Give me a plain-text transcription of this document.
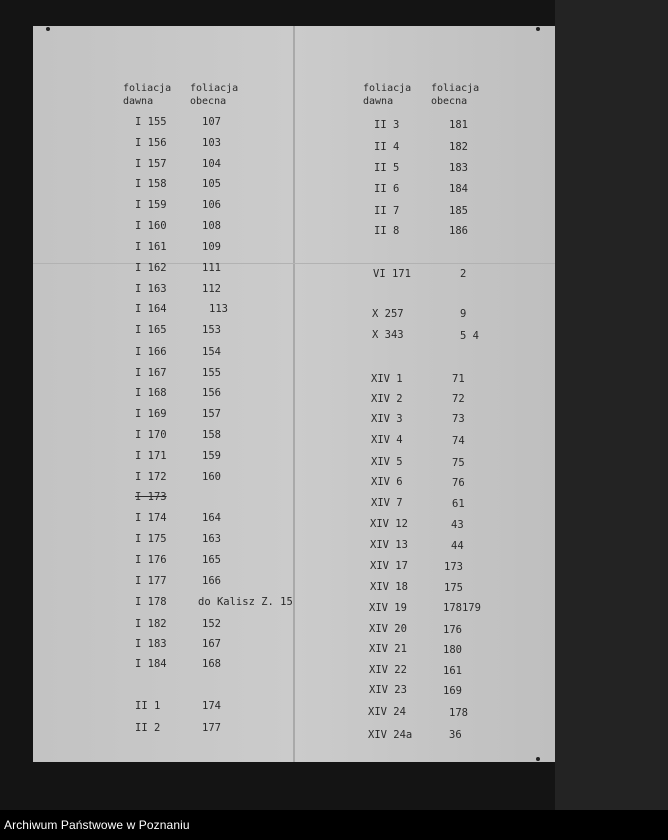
foliacja
dawna
foliacja
obecna
foliacja
dawna
foliacja
obecna
I 155	107
I 156	103
I 157	104
I 158	105
I 159	106
I 160	108
I 161	109
I 162	111
I 163	112
I 164	113
I 165	153
I 166	154
I 167	155
I 168	156
I 169	157
I 170	158
I 171	159
I 172	160
I 173
I 174	164
I 175	163
I 176	165
I 177	166
I 178	do Kalisz Z. 15
I 182	152
I 183	167
I 184	168
II 1	174
II 2	177
II 3	181
II 4	182
II 5	183
II 6	184
II 7	185
II 8	186
VI 171	2
X 257	9
X 343	5 4
XIV 1	71
XIV 2	72
XIV 3	73
XIV 4	74
XIV 5	75
XIV 6	76
XIV 7	61
XIV 12	43
XIV 13	44
XIV 17	173
XIV 18	175
XIV 19	178179
XIV 20	176
XIV 21	180
XIV 22	161
XIV 23	169
XIV 24	178
XIV 24a	36
Archiwum Państwowe w Poznaniu
